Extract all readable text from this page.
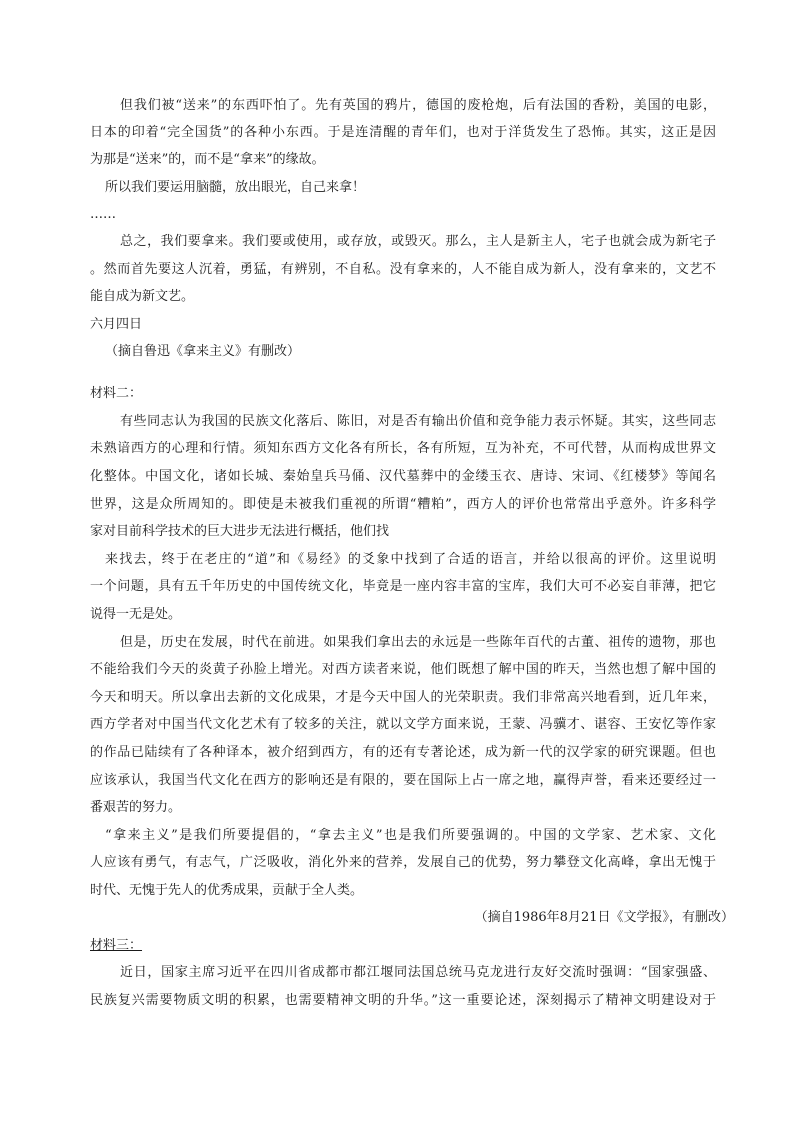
但我们被“送来”的东西吓怕了。先有英国的鸦片，德国的废枪炮，后有法国的香粉，美国的电影，
日本的印着“完全国货”的各种小东西。于是连清醒的青年们，也对于洋货发生了恐怖。其实，这正是因
为那是“送来”的，而不是“拿来”的缘故。
所以我们要运用脑髓，放出眼光，自己来拿！
……
总之，我们要拿来。我们要或使用，或存放，或毁灭。那么，主人是新主人，宅子也就会成为新宅子
。然而首先要这人沉着，勇猛，有辨别，不自私。没有拿来的，人不能自成为新人，没有拿来的，文艺不
能自成为新文艺。
六月四日
（摘自鲁迅《拿来主义》有删改）
材料二：
有些同志认为我国的民族文化落后、陈旧，对是否有输出价值和竞争能力表示怀疑。其实，这些同志
未熟谙西方的心理和行情。须知东西方文化各有所长，各有所短，互为补充，不可代替，从而构成世界文
化整体。中国文化，诸如长城、秦始皇兵马俑、汉代墓葬中的金缕玉衣、唐诗、宋词、《红楼梦》等闻名
世界，这是众所周知的。即使是未被我们重视的所谓“糟粕”，西方人的评价也常常出乎意外。许多科学
家对目前科学技术的巨大进步无法进行概括，他们找
来找去，终于在老庄的“道”和《易经》的爻象中找到了合适的语言，并给以很高的评价。这里说明
一个问题，具有五千年历史的中国传统文化，毕竟是一座内容丰富的宝库，我们大可不必妄自菲薄，把它
说得一无是处。
但是，历史在发展，时代在前进。如果我们拿出去的永远是一些陈年百代的古董、祖传的遗物，那也
不能给我们今天的炎黄子孙脸上增光。对西方读者来说，他们既想了解中国的昨天，当然也想了解中国的
今天和明天。所以拿出去新的文化成果，才是今天中国人的光荣职责。我们非常高兴地看到，近几年来，
西方学者对中国当代文化艺术有了较多的关注，就以文学方面来说，王蒙、冯骥才、谌容、王安忆等作家
的作品已陆续有了各种译本，被介绍到西方，有的还有专著论述，成为新一代的汉学家的研究课题。但也
应该承认，我国当代文化在西方的影响还是有限的，要在国际上占一席之地，赢得声誉，看来还要经过一
番艰苦的努力。
“拿来主义”是我们所要提倡的，“拿去主义”也是我们所要强调的。中国的文学家、艺术家、文化
人应该有勇气，有志气，广泛吸收，消化外来的营养，发展自己的优势，努力攀登文化高峰，拿出无愧于
时代、无愧于先人的优秀成果，贡献于全人类。
（摘自1986年8月21日《文学报》，有删改）
材料三：
近日，国家主席习近平在四川省成都市都江堰同法国总统马克龙进行友好交流时强调：“国家强盛、
民族复兴需要物质文明的积累，也需要精神文明的升华。”这一重要论述，深刻揭示了精神文明建设对于
